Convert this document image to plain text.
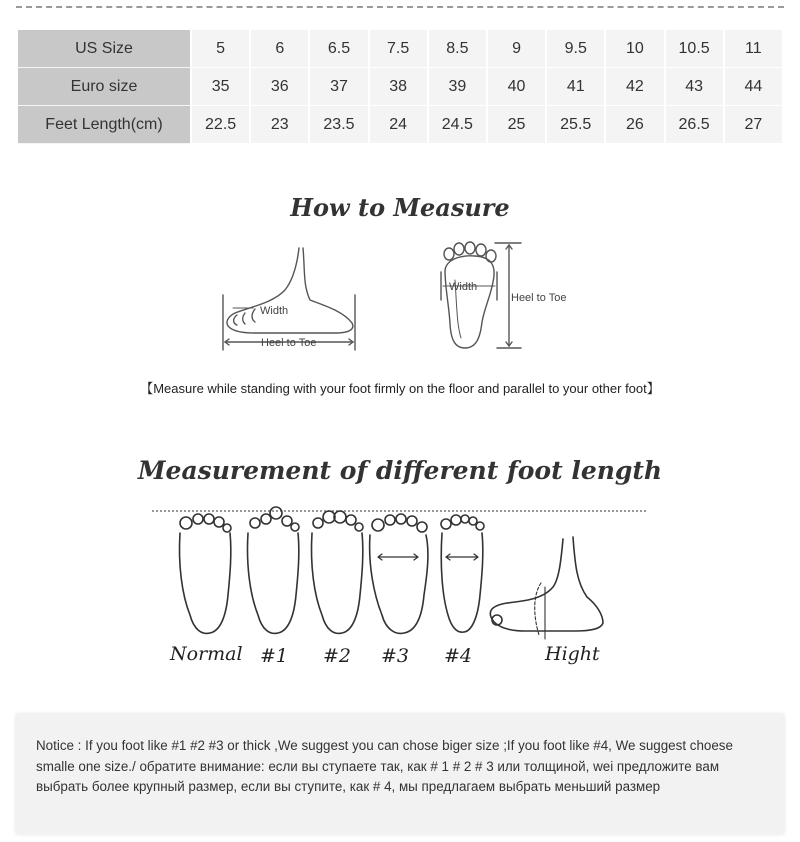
US Size	5	6	6.5	7.5	8.5	9	9.5	10	10.5	11
Euro size	35	36	37	38	39	40	41	42	43	44
Feet Length(cm)	22.5	23	23.5	24	24.5	25	25.5	26	26.5	27
How to Measure
Width
Heel to Toe
Width
Heel to Toe
【Measure while standing with your foot firmly on the floor and parallel to your other foot】
Measurement of different foot length
Normal #1 #2 #3 #4	Hight

Notice : If you foot like #1 #2 #3 or thick ,We suggest you can chose biger size ;If you foot like #4, We suggest choese smalle one size./ обратите внимание: если вы ступаете так, как # 1 # 2 # 3 или толщиной, wei предложите вам выбрать более крупный размер, если вы ступите, как # 4, мы предлагаем выбрать меньший размер
